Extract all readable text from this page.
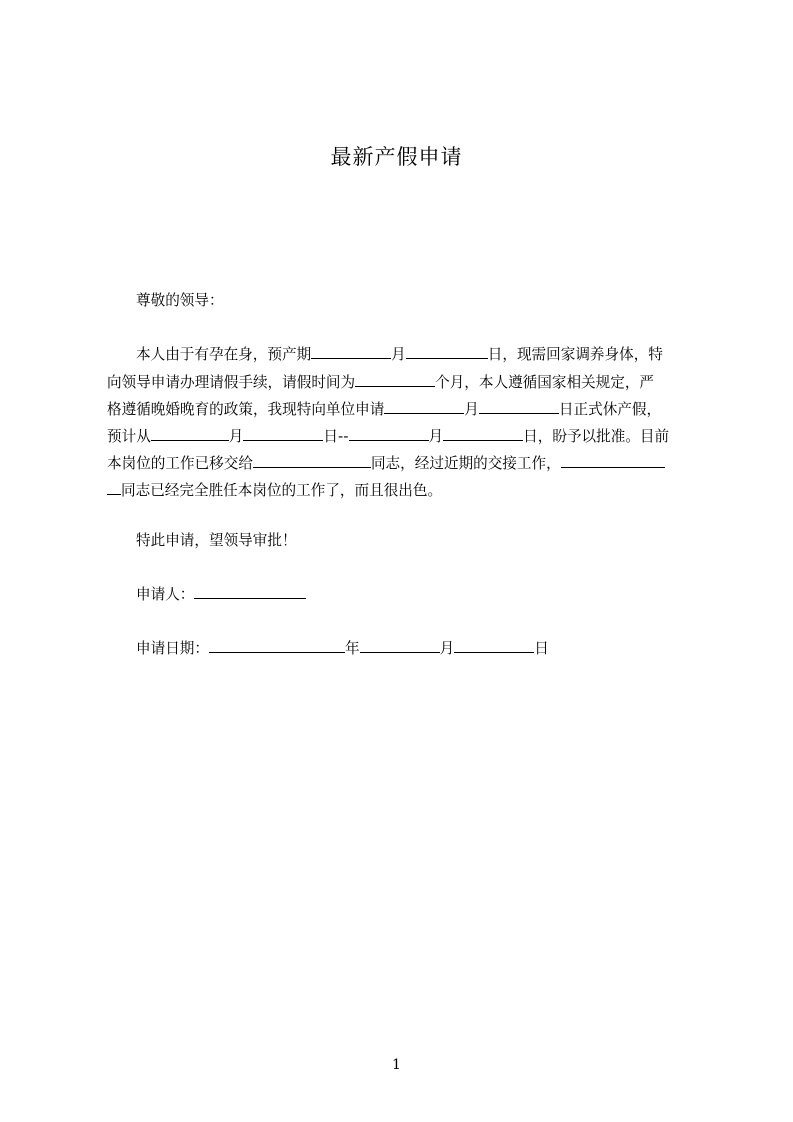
最新产假申请
尊敬的领导：
本人由于有孕在身，预产期	月	日，现需回家调养身体，特
向领导申请办理请假手续，请假时间为	个月，本人遵循国家相关规定，严
格遵循晚婚晚育的政策，我现特向单位申请	月	日正式休产假，
预计从	月	日--	月	日，盼予以批准。目前
本岗位的工作已移交给	同志，经过近期的交接工作，
同志已经完全胜任本岗位的工作了，而且很出色。
特此申请，望领导审批！
申请人：
申请日期：	年	月	日
1
